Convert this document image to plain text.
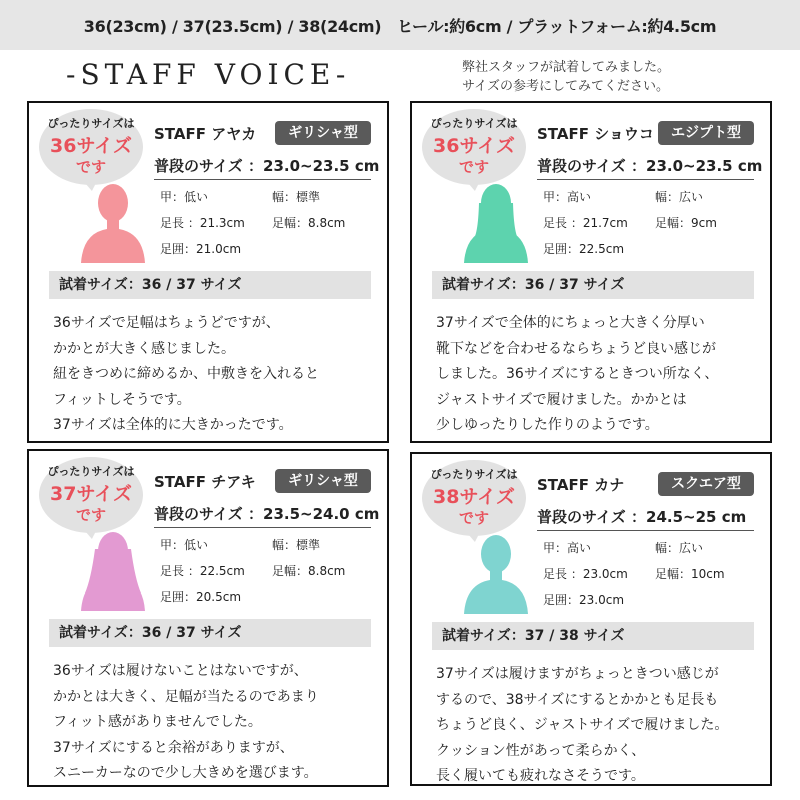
36(23cm) / 37(23.5cm) / 38(24cm)　ヒール:約6cm / プラットフォーム:約4.5cm
-STAFF VOICE-	弊社スタッフが試着してみました。
サイズの参考にしてみてください。
ぴったりサイズは
36サイズ
です
STAFF アヤカ	ギリシャ型
普段のサイズ ：23.0~23.5 cm
甲：低い	幅：標準
足長 ：21.3cm 足幅：8.8cm
足囲：21.0cm
試着サイズ：36 / 37 サイズ
36サイズで足幅はちょうどですが、
かかとが大きく感じました。
紐をきつめに締めるか、中敷きを入れると
フィットしそうです。
37サイズは全体的に大きかったです。
ぴったりサイズは
36サイズ
です
STAFF ショウコ	エジプト型
普段のサイズ ：23.0~23.5 cm
甲：高い	幅：広い
足長 ：21.7cm 足幅：9cm
足囲：22.5cm
試着サイズ：36 / 37 サイズ
37サイズで全体的にちょっと大きく分厚い
靴下などを合わせるならちょうど良い感じが
しました。36サイズにするときつい所なく、
ジャストサイズで履けました。かかとは
少しゆったりした作りのようです。
ぴったりサイズは
37サイズ
です
STAFF チアキ	ギリシャ型
普段のサイズ ：23.5~24.0 cm
甲：低い	幅：標準
足長 ：22.5cm 足幅：8.8cm
足囲：20.5cm
試着サイズ：36 / 37 サイズ
36サイズは履けないことはないですが、
かかとは大きく、足幅が当たるのであまり
フィット感がありませんでした。
37サイズにすると余裕がありますが、
スニーカーなので少し大きめを選びます。
ぴったりサイズは
38サイズ
です
STAFF カナ	スクエア型
普段のサイズ ：24.5~25 cm
甲：高い	幅：広い
足長 ：23.0cm 足幅：10cm
足囲：23.0cm
試着サイズ：37 / 38 サイズ
37サイズは履けますがちょっときつい感じが
するので、38サイズにするとかかとも足長も
ちょうど良く、ジャストサイズで履けました。
クッション性があって柔らかく、
長く履いても疲れなさそうです。
